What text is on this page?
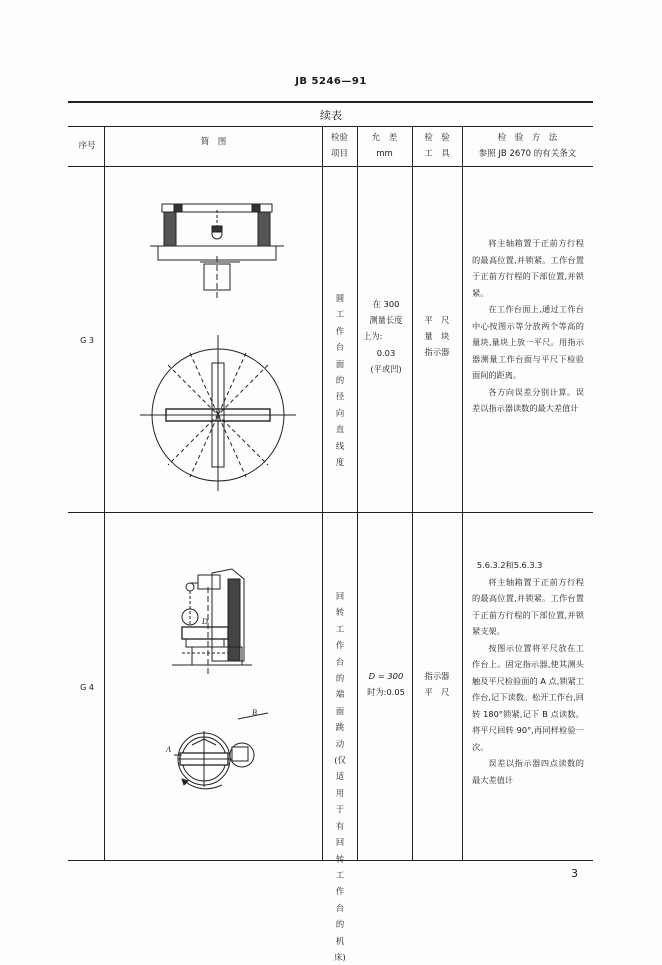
JB 5246—91
续表
序号	简　图	检验
项目
允　差
mm
检　验
工　具
检　验　方　法
参照 JB 2670 的有关条文
G 3
圆工作台面的径向直线度
在 300
测量长度
上为:
0.03
(平或凹)
平　尺
量　块
指示器

将主轴箱置于正前方行程的最高位置,并锁紧。工作台置于正前方行程的下部位置,并锁紧。

在工作台面上,通过工作台中心按图示等分放两个等高的量块,量块上放一平尺。用指示器测量工作台面与平尺下检验面间的距离。

各方向误差分别计算。误差以指示器读数的最大差值计

G 4
D
B
A
回转工作台的端面跳动(仅适用于有回转工作台的机床)
D = 300
时为:0.05
指示器
平　尺
5.6.3.2和5.6.3.3

将主轴箱置于正前方行程的最高位置,并锁紧。工作台置于正前方行程的下部位置,并锁紧支架。

按图示位置将平尺放在工作台上。固定指示器,使其测头触及平尺检验面的 A 点,锁紧工作台,记下读数。松开工作台,回转 180°锁紧,记下 B 点读数。将平尺回转 90°,再同样检验一次。

误差以指示器四点读数的最大差值计

3
